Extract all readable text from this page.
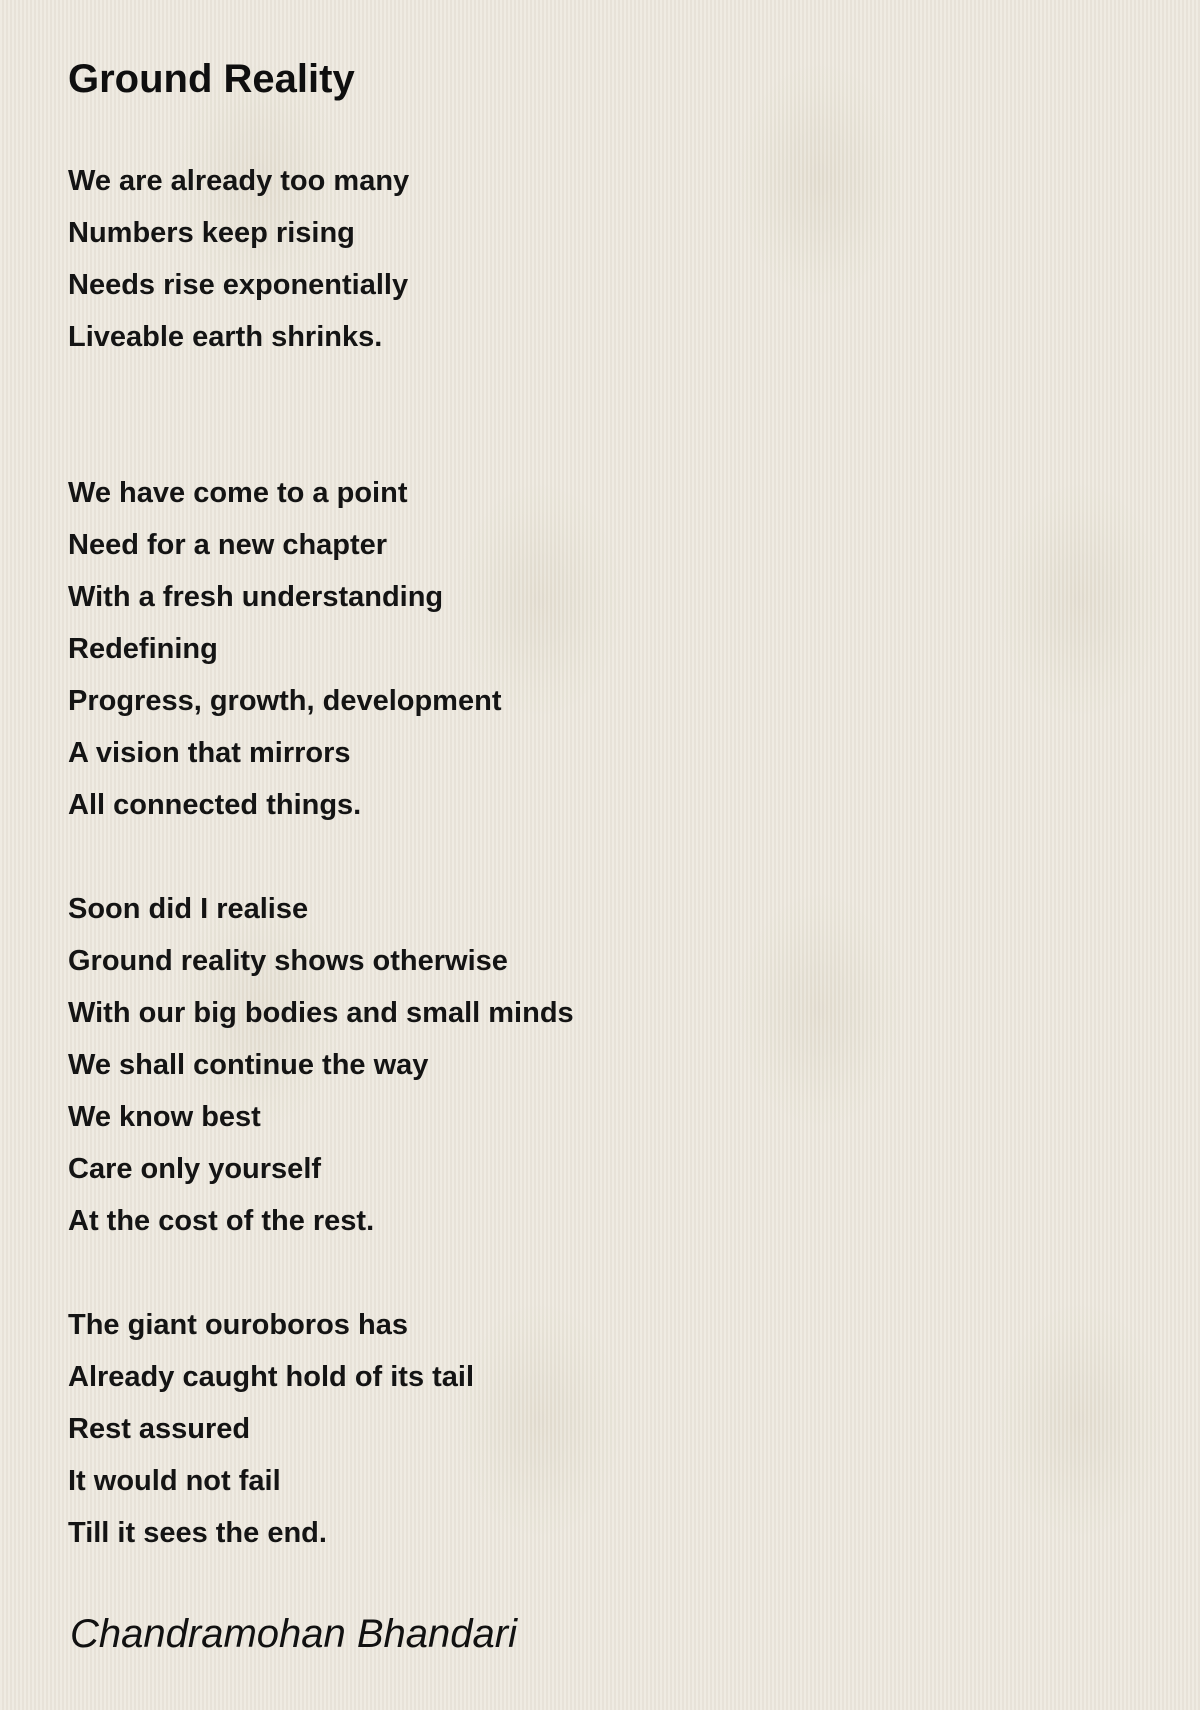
Ground Reality
We are already too many
Numbers keep rising
Needs rise exponentially
Liveable earth shrinks.
We have come to a point
Need for a new chapter
With a fresh understanding
Redefining
Progress, growth, development
A vision that mirrors
All connected things.
Soon did I realise
Ground reality shows otherwise
With our big bodies and small minds
We shall continue the way
We know best
Care only yourself
At the cost of the rest.
The giant ouroboros has
Already caught hold of its tail
Rest assured
It would not fail
Till it sees the end.
Chandramohan Bhandari
